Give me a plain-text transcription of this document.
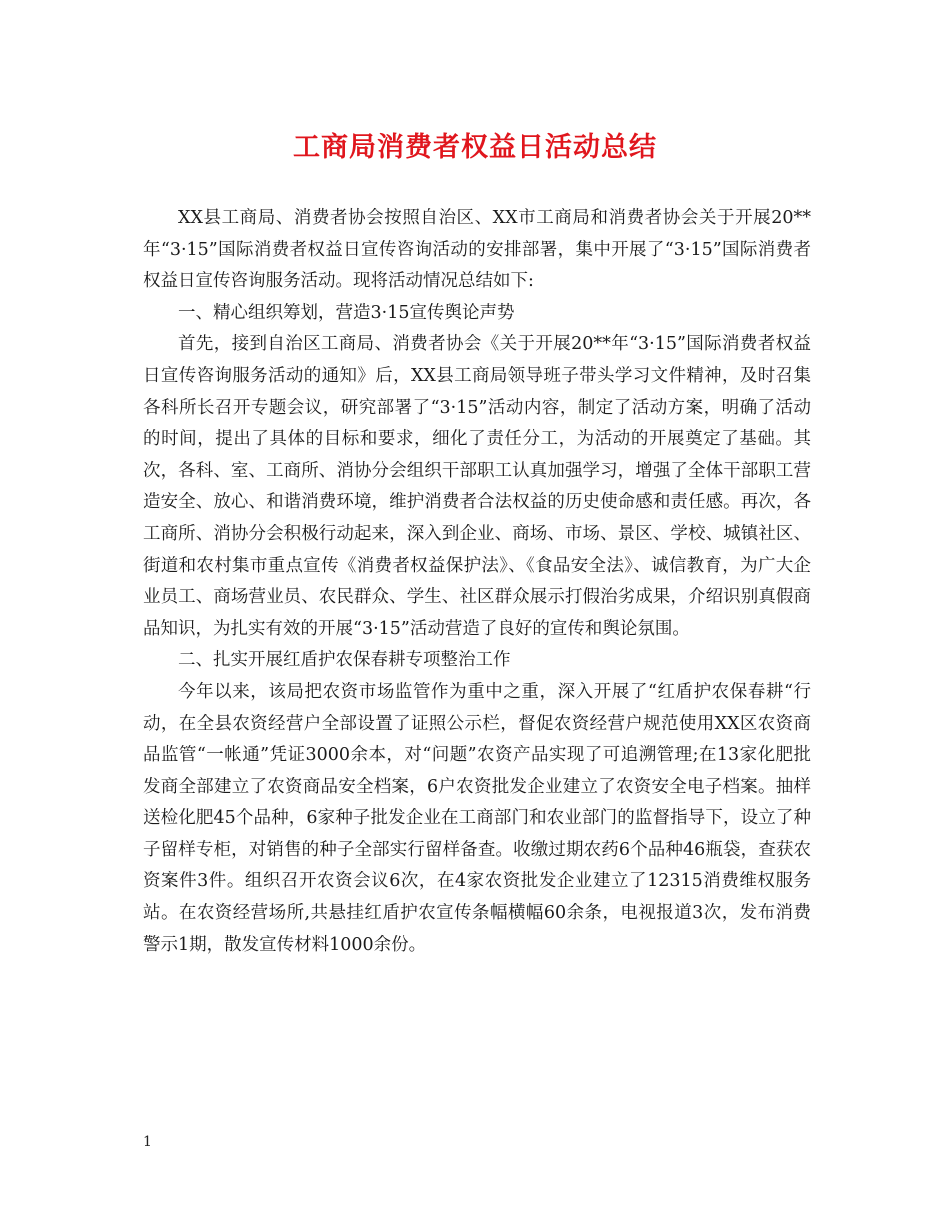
工商局消费者权益日活动总结

XX县工商局、消费者协会按照自治区、XX市工商局和消费者协会关于开展20**年“3·15”国际消费者权益日宣传咨询活动的安排部署，集中开展了“3·15”国际消费者权益日宣传咨询服务活动。现将活动情况总结如下:

一、精心组织筹划，营造3·15宣传舆论声势

首先，接到自治区工商局、消费者协会《关于开展20**年“3·15”国际消费者权益日宣传咨询服务活动的通知》后，XX县工商局领导班子带头学习文件精神，及时召集各科所长召开专题会议，研究部署了“3·15”活动内容，制定了活动方案，明确了活动的时间，提出了具体的目标和要求，细化了责任分工，为活动的开展奠定了基础。其次，各科、室、工商所、消协分会组织干部职工认真加强学习，增强了全体干部职工营造安全、放心、和谐消费环境，维护消费者合法权益的历史使命感和责任感。再次，各工商所、消协分会积极行动起来，深入到企业、商场、市场、景区、学校、城镇社区、街道和农村集市重点宣传《消费者权益保护法》、《食品安全法》、诚信教育，为广大企业员工、商场营业员、农民群众、学生、社区群众展示打假治劣成果，介绍识别真假商品知识，为扎实有效的开展“3·15”活动营造了良好的宣传和舆论氛围。

二、扎实开展红盾护农保春耕专项整治工作

今年以来，该局把农资市场监管作为重中之重，深入开展了“红盾护农保春耕“行动，在全县农资经营户全部设置了证照公示栏，督促农资经营户规范使用XX区农资商品监管“一帐通”凭证3000余本，对“问题”农资产品实现了可追溯管理;在13家化肥批发商全部建立了农资商品安全档案，6户农资批发企业建立了农资安全电子档案。抽样送检化肥45个品种，6家种子批发企业在工商部门和农业部门的监督指导下，设立了种子留样专柜，对销售的种子全部实行留样备查。收缴过期农药6个品种46瓶袋，查获农资案件3件。组织召开农资会议6次，在4家农资批发企业建立了12315消费维权服务站。在农资经营场所,共悬挂红盾护农宣传条幅横幅60余条，电视报道3次，发布消费警示1期，散发宣传材料1000余份。

1
